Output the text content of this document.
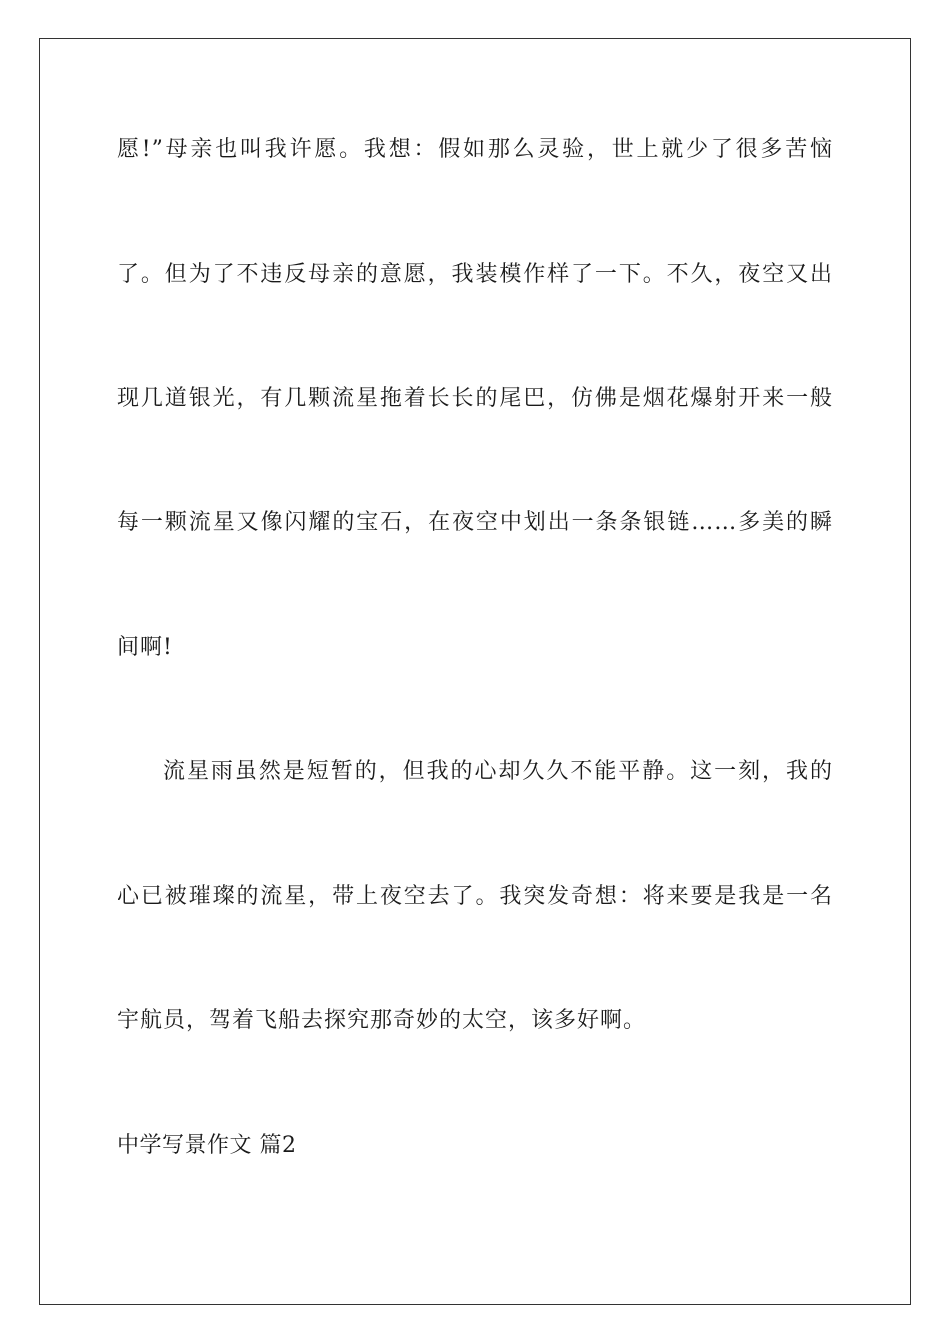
愿!”母亲也叫我许愿。我想：假如那么灵验，世上就少了很多苦恼
了。但为了不违反母亲的意愿，我装模作样了一下。不久，夜空又出
现几道银光，有几颗流星拖着长长的尾巴，仿佛是烟花爆射开来一般
每一颗流星又像闪耀的宝石，在夜空中划出一条条银链……多美的瞬
间啊!
流星雨虽然是短暂的，但我的心却久久不能平静。这一刻，我的
心已被璀璨的流星，带上夜空去了。我突发奇想：将来要是我是一名
宇航员，驾着飞船去探究那奇妙的太空，该多好啊。
中学写景作文 篇2
